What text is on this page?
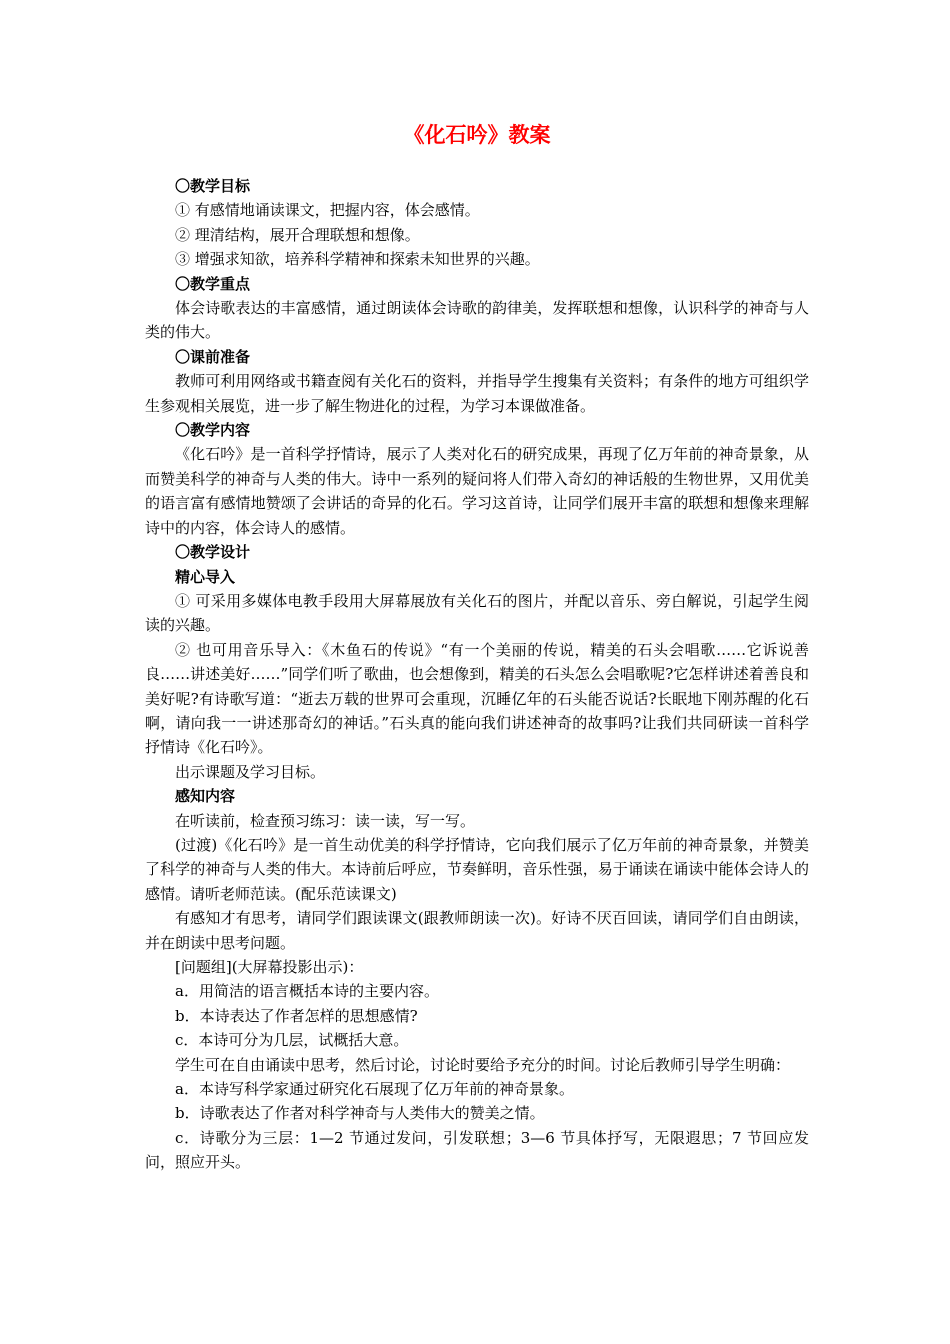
《化石吟》教案

〇教学目标

① 有感情地诵读课文，把握内容，体会感情。

② 理清结构，展开合理联想和想像。

③ 增强求知欲，培养科学精神和探索未知世界的兴趣。

〇教学重点

体会诗歌表达的丰富感情，通过朗读体会诗歌的韵律美，发挥联想和想像，认识科学的神奇与人类的伟大。

〇课前准备

教师可利用网络或书籍查阅有关化石的资料，并指导学生搜集有关资料；有条件的地方可组织学生参观相关展览，进一步了解生物进化的过程，为学习本课做准备。

〇教学内容

《化石吟》是一首科学抒情诗，展示了人类对化石的研究成果，再现了亿万年前的神奇景象，从而赞美科学的神奇与人类的伟大。诗中一系列的疑问将人们带入奇幻的神话般的生物世界，又用优美的语言富有感情地赞颂了会讲话的奇异的化石。学习这首诗，让同学们展开丰富的联想和想像来理解诗中的内容，体会诗人的感情。

〇教学设计

精心导入

① 可采用多媒体电教手段用大屏幕展放有关化石的图片，并配以音乐、旁白解说，引起学生阅读的兴趣。

② 也可用音乐导入：《木鱼石的传说》“有一个美丽的传说，精美的石头会唱歌……它诉说善良……讲述美好……”同学们听了歌曲，也会想像到，精美的石头怎么会唱歌呢?它怎样讲述着善良和美好呢?有诗歌写道：“逝去万载的世界可会重现，沉睡亿年的石头能否说话?长眠地下刚苏醒的化石啊，请向我一一讲述那奇幻的神话。”石头真的能向我们讲述神奇的故事吗?让我们共同研读一首科学抒情诗《化石吟》。

出示课题及学习目标。

感知内容

在听读前，检查预习练习：读一读，写一写。

(过渡)《化石吟》是一首生动优美的科学抒情诗，它向我们展示了亿万年前的神奇景象，并赞美了科学的神奇与人类的伟大。本诗前后呼应，节奏鲜明，音乐性强，易于诵读在诵读中能体会诗人的感情。请听老师范读。(配乐范读课文)

有感知才有思考，请同学们跟读课文(跟教师朗读一次)。好诗不厌百回读，请同学们自由朗读，并在朗读中思考问题。

[问题组](大屏幕投影出示)：

a．用简洁的语言概括本诗的主要内容。

b．本诗表达了作者怎样的思想感情?

c．本诗可分为几层，试概括大意。

学生可在自由诵读中思考，然后讨论，讨论时要给予充分的时间。讨论后教师引导学生明确：

a．本诗写科学家通过研究化石展现了亿万年前的神奇景象。

b．诗歌表达了作者对科学神奇与人类伟大的赞美之情。

c．诗歌分为三层：1—2 节通过发问，引发联想；3—6 节具体抒写，无限遐思；7 节回应发问，照应开头。
